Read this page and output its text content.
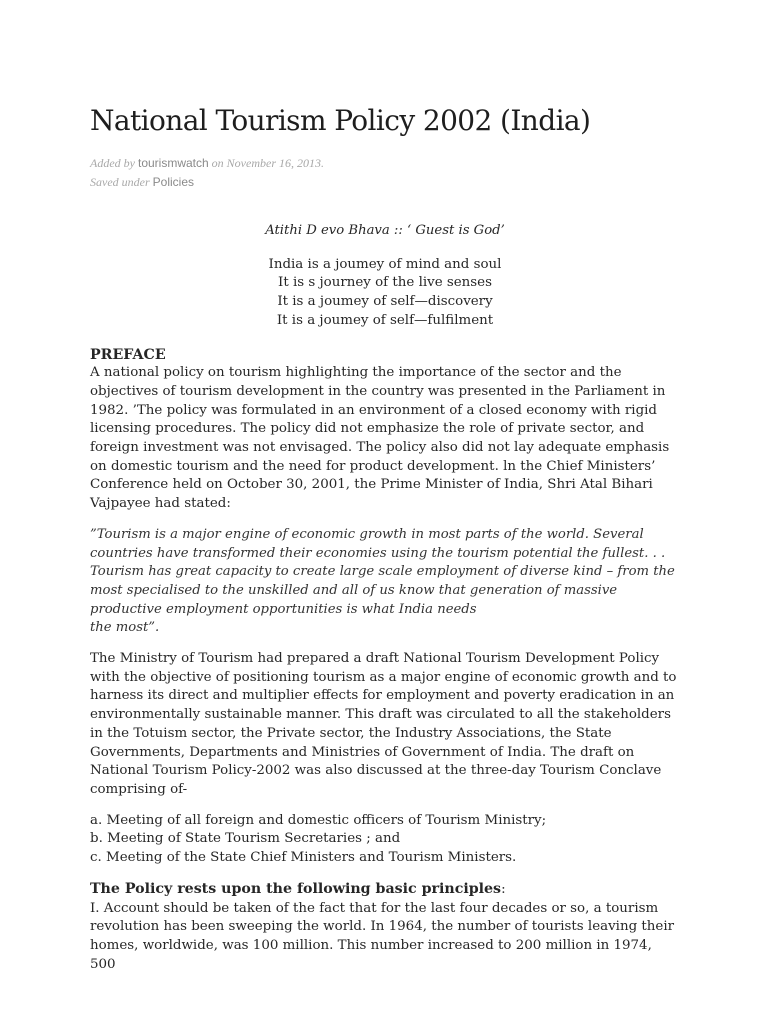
National Tourism Policy 2002 (India)
Added by tourismwatch on November 16, 2013.
Saved under Policies

Atithi D evo Bhava :: ‘ Guest is God’

India is a joumey of mind and soul
It is s journey of the live senses
It is a joumey of self—discovery
It is a joumey of self—fulfilment
PREFACE

A national policy on tourism highlighting the importance of the sector and the objectives of tourism development in the country was presented in the Parliament in 1982. ’The policy was formulated in an environment of a closed economy with rigid licensing procedures. The policy did not emphasize the role of private sector, and foreign investment was not envisaged. The policy also did not lay adequate emphasis on domestic tourism and the need for product development. ln the Chief Ministers’ Conference held on October 30, 2001, the Prime Minister of India, Shri Atal Bihari Vajpayee had stated:

”Tourism is a major engine of economic growth in most parts of the world. Several countries have transformed their economies using the tourism potential the fullest. . . Tourism has great capacity to create large scale employment of diverse kind – from the most specialised to the unskilled and all of us know that generation of massive productive employment opportunities is what India needs
the most”.

The Ministry of Tourism had prepared a draft National Tourism Development Policy with the objective of positioning tourism as a major engine of economic growth and to harness its direct and multiplier effects for employment and poverty eradication in an environmentally sustainable manner. This draft was circulated to all the stakeholders in the Totuism sector, the Private sector, the Industry Associations, the State Governments, Departments and Ministries of Government of India. The draft on National Tourism Policy-2002 was also discussed at the three-day Tourism Conclave comprising of-

a. Meeting of all foreign and domestic officers of Tourism Ministry;
b. Meeting of State Tourism Secretaries ; and
c. Meeting of the State Chief Ministers and Tourism Ministers.
The Policy rests upon the following basic principles:

I. Account should be taken of the fact that for the last four decades or so, a tourism revolution has been sweeping the world. In 1964, the number of tourists leaving their homes, worldwide, was 100 million. This number increased to 200 million in 1974, 500
